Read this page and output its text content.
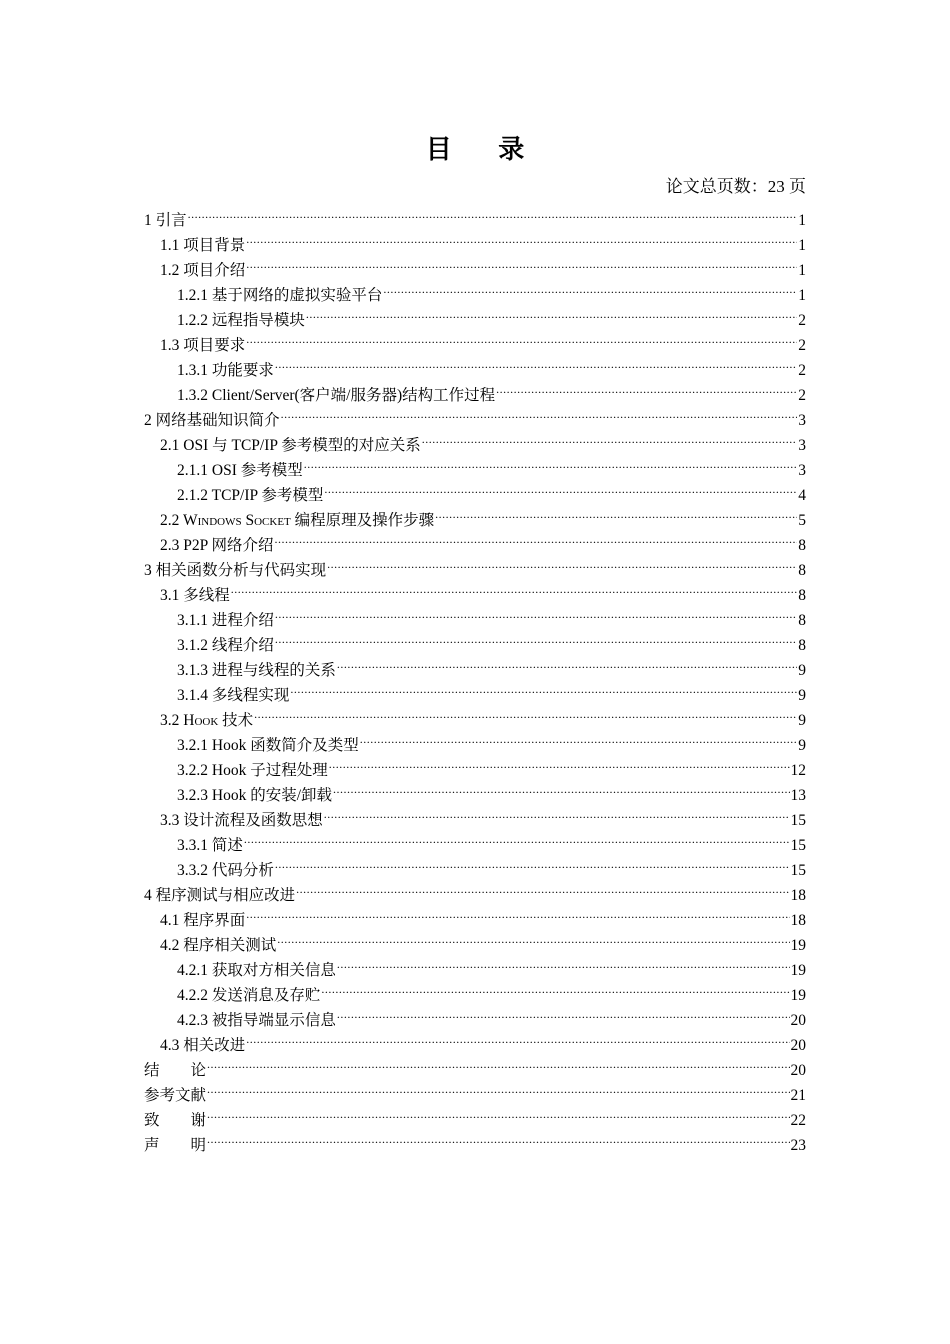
目 录
论文总页数：23 页
1 引言 .....	1
1.1 项目背景 .....	1
1.2 项目介绍 .....	1
1.2.1 基于网络的虚拟实验平台 .....	1
1.2.2 远程指导模块 .....	2
1.3 项目要求 .....	2
1.3.1 功能要求 .....	2
1.3.2 Client/Server(客户端/服务器)结构工作过程 .....	2
2 网络基础知识简介 .....	3
2.1 OSI 与 TCP/IP 参考模型的对应关系 .....	3
2.1.1 OSI 参考模型 .....	3
2.1.2 TCP/IP 参考模型 .....	4
2.2 Windows Socket 编程原理及操作步骤 .....	5
2.3 P2P 网络介绍 .....	8
3 相关函数分析与代码实现 .....	8
3.1 多线程 .....	8
3.1.1 进程介绍 .....	8
3.1.2 线程介绍 .....	8
3.1.3 进程与线程的关系 .....	9
3.1.4 多线程实现 .....	9
3.2 Hook 技术 .....	9
3.2.1 Hook 函数简介及类型 .....	9
3.2.2 Hook 子过程处理 .....	12
3.2.3 Hook 的安装/卸载 .....	13
3.3 设计流程及函数思想 .....	15
3.3.1 简述 .....	15
3.3.2 代码分析 .....	15
4 程序测试与相应改进 .....	18
4.1 程序界面 .....	18
4.2 程序相关测试 .....	19
4.2.1 获取对方相关信息 .....	19
4.2.2 发送消息及存贮 .....	19
4.2.3 被指导端显示信息 .....	20
4.3 相关改进 .....	20
结　　论 .....	20
参考文献 .....	21
致　　谢 .....	22
声　　明 .....	23
